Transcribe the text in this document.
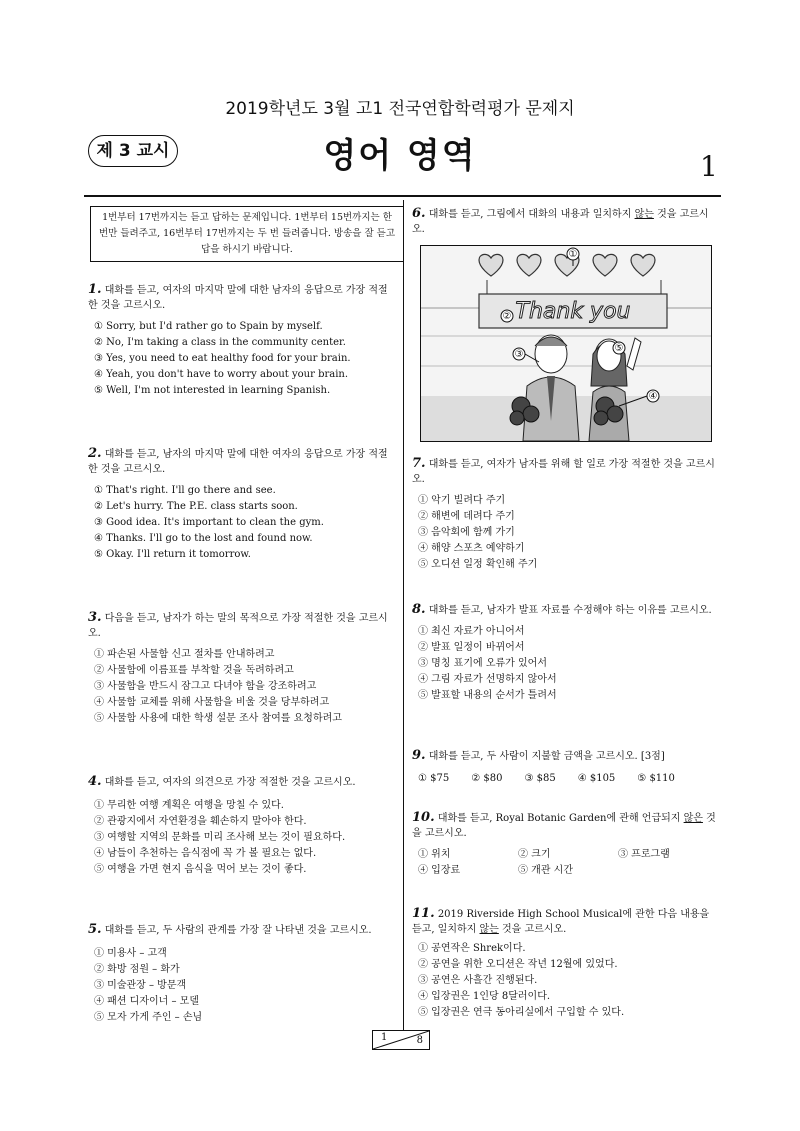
2019학년도 3월 고1 전국연합학력평가 문제지
제 3 교시	영어 영역	1
1번부터 17번까지는 듣고 답하는 문제입니다. 1번부터 15번까지는 한 번만 들려주고, 16번부터 17번까지는 두 번 들려줍니다. 방송을 잘 듣고 답을 하시기 바랍니다.

1. 대화를 듣고, 여자의 마지막 말에 대한 남자의 응답으로 가장 적절한 것을 고르시오.

① Sorry, but I'd rather go to Spain by myself.

② No, I'm taking a class in the community center.

③ Yes, you need to eat healthy food for your brain.

④ Yeah, you don't have to worry about your brain.

⑤ Well, I'm not interested in learning Spanish.

2. 대화를 듣고, 남자의 마지막 말에 대한 여자의 응답으로 가장 적절한 것을 고르시오.

① That's right. I'll go there and see.

② Let's hurry. The P.E. class starts soon.

③ Good idea. It's important to clean the gym.

④ Thanks. I'll go to the lost and found now.

⑤ Okay. I'll return it tomorrow.

3. 다음을 듣고, 남자가 하는 말의 목적으로 가장 적절한 것을 고르시오.

① 파손된 사물함 신고 절차를 안내하려고

② 사물함에 이름표를 부착할 것을 독려하려고

③ 사물함을 반드시 잠그고 다녀야 함을 강조하려고

④ 사물함 교체를 위해 사물함을 비울 것을 당부하려고

⑤ 사물함 사용에 대한 학생 설문 조사 참여를 요청하려고

4. 대화를 듣고, 여자의 의견으로 가장 적절한 것을 고르시오.

① 무리한 여행 계획은 여행을 망칠 수 있다.

② 관광지에서 자연환경을 훼손하지 말아야 한다.

③ 여행할 지역의 문화를 미리 조사해 보는 것이 필요하다.

④ 남들이 추천하는 음식점에 꼭 가 볼 필요는 없다.

⑤ 여행을 가면 현지 음식을 먹어 보는 것이 좋다.

5. 대화를 듣고, 두 사람의 관계를 가장 잘 나타낸 것을 고르시오.

① 미용사 – 고객

② 화방 점원 – 화가

③ 미술관장 – 방문객

④ 패션 디자이너 – 모델

⑤ 모자 가게 주인 – 손님

6. 대화를 듣고, 그림에서 대화의 내용과 일치하지 않는 것을 고르시오.

Thank you
①
②
③
④
⑤

7. 대화를 듣고, 여자가 남자를 위해 할 일로 가장 적절한 것을 고르시오.

① 악기 빌려다 주기

② 해변에 데려다 주기

③ 음악회에 함께 가기

④ 해양 스포츠 예약하기

⑤ 오디션 일정 확인해 주기

8. 대화를 듣고, 남자가 발표 자료를 수정해야 하는 이유를 고르시오.

① 최신 자료가 아니어서

② 발표 일정이 바뀌어서

③ 명칭 표기에 오류가 있어서

④ 그림 자료가 선명하지 않아서

⑤ 발표할 내용의 순서가 틀려서

9. 대화를 듣고, 두 사람이 지불할 금액을 고르시오. [3점]

① $75 ② $80 ③ $85 ④ $105 ⑤ $110

10. 대화를 듣고, Royal Botanic Garden에 관해 언급되지 않은 것을 고르시오.

① 위치	② 크기	③ 프로그램
④ 입장료	⑤ 개관 시간

11. 2019 Riverside High School Musical에 관한 다음 내용을 듣고, 일치하지 않는 것을 고르시오.

① 공연작은 Shrek이다.

② 공연을 위한 오디션은 작년 12월에 있었다.

③ 공연은 사흘간 진행된다.

④ 입장권은 1인당 8달러이다.

⑤ 입장권은 연극 동아리실에서 구입할 수 있다.

1	8
